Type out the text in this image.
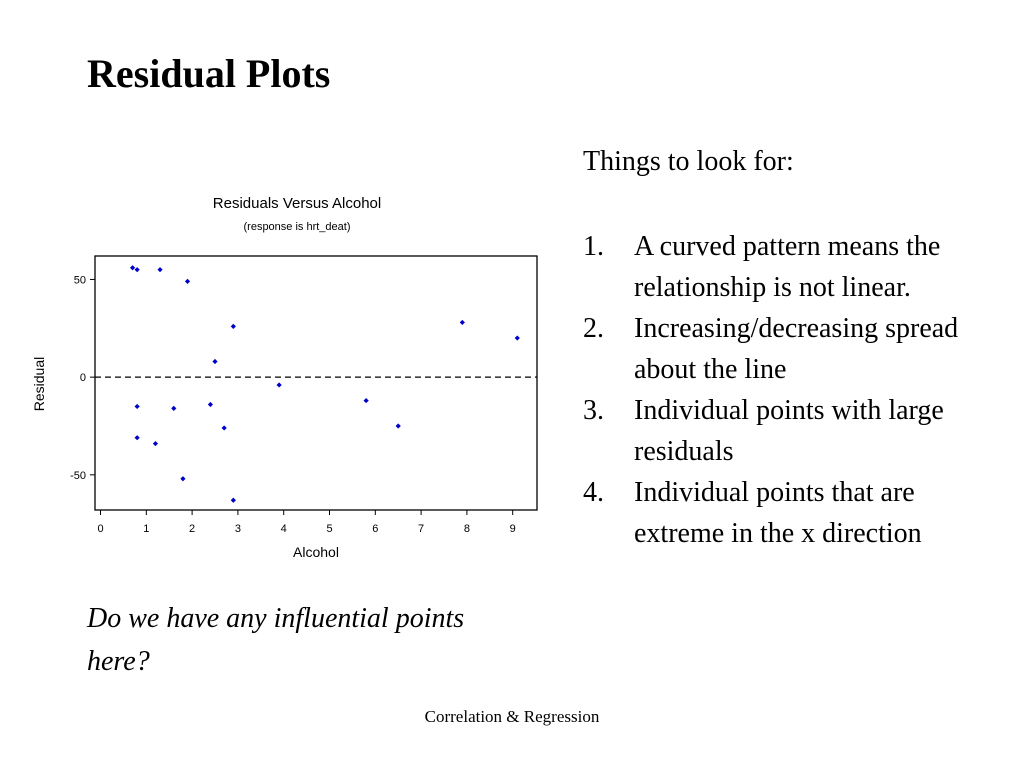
Residual Plots
Residuals Versus Alcohol
(response is hrt_deat)
0	1	2	3	4	5	6	7	8	9
50
0
-50
Alcohol
Residual
Things to look for:
1. A curved pattern means the relationship is not linear.
2. Increasing/decreasing spread about the line
3. Individual points with large residuals
4. Individual points that are extreme in the x direction
Do we have any influential points here?
Correlation & Regression
